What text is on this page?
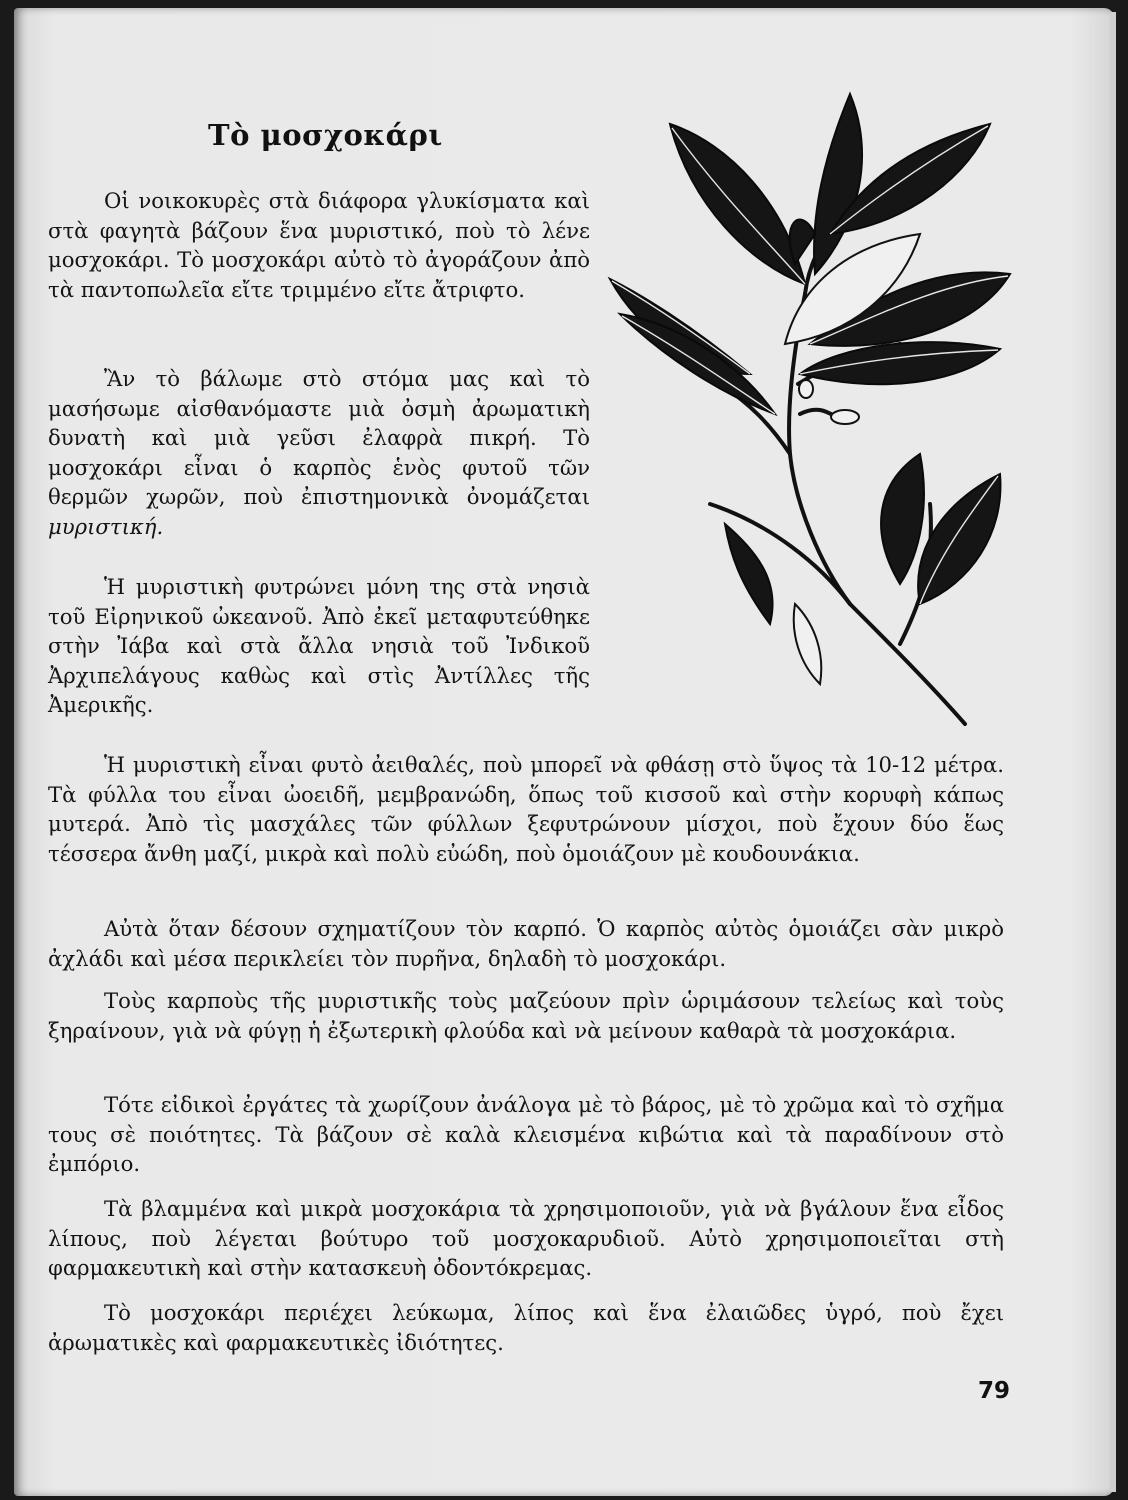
Τὸ μοσχοκάρι

Οἱ νοικοκυρὲς στὰ διάφορα γλυκίσματα καὶ στὰ φαγητὰ βάζουν ἕνα μυριστικό, ποὺ τὸ λένε μοσχοκάρι. Τὸ μοσχοκάρι αὐτὸ τὸ ἀγοράζουν ἀπὸ τὰ παντοπωλεῖα εἴτε τριμμένο εἴτε ἄτριφτο.

Ἂν τὸ βάλωμε στὸ στόμα μας καὶ τὸ μασήσωμε αἰσθανόμαστε μιὰ ὀσμὴ ἀρωματικὴ δυνατὴ καὶ μιὰ γεῦσι ἐλαφρὰ πικρή. Τὸ μοσχοκάρι εἶναι ὁ καρπὸς ἑνὸς φυτοῦ τῶν θερμῶν χωρῶν, ποὺ ἐπιστημονικὰ ὀνομάζεται μυριστική.

Ἡ μυριστικὴ φυτρώνει μόνη της στὰ νησιὰ τοῦ Εἰρηνικοῦ ὠκεανοῦ. Ἀπὸ ἐκεῖ μεταφυτεύθηκε στὴν Ἰάβα καὶ στὰ ἄλλα νησιὰ τοῦ Ἰνδικοῦ Ἀρχιπελάγους καθὼς καὶ στὶς Ἀντίλλες τῆς Ἀμερικῆς.

Ἡ μυριστικὴ εἶναι φυτὸ ἀειθαλές, ποὺ μπορεῖ νὰ φθάσῃ στὸ ὕψος τὰ 10-12 μέτρα. Τὰ φύλλα του εἶναι ὠοειδῆ, μεμβρανώδη, ὅπως τοῦ κισσοῦ καὶ στὴν κορυφὴ κάπως μυτερά. Ἀπὸ τὶς μασχάλες τῶν φύλλων ξεφυτρώνουν μίσχοι, ποὺ ἔχουν δύο ἕως τέσσερα ἄνθη μαζί, μικρὰ καὶ πολὺ εὐώδη, ποὺ ὁμοιάζουν μὲ κουδουνάκια.

Αὐτὰ ὅταν δέσουν σχηματίζουν τὸν καρπό. Ὁ καρπὸς αὐτὸς ὁμοιάζει σὰν μικρὸ ἀχλάδι καὶ μέσα περικλείει τὸν πυρῆνα, δηλαδὴ τὸ μοσχοκάρι.

Τοὺς καρποὺς τῆς μυριστικῆς τοὺς μαζεύουν πρὶν ὡριμάσουν τελείως καὶ τοὺς ξηραίνουν, γιὰ νὰ φύγῃ ἡ ἐξωτερικὴ φλούδα καὶ νὰ μείνουν καθαρὰ τὰ μοσχοκάρια.

Τότε εἰδικοὶ ἐργάτες τὰ χωρίζουν ἀνάλογα μὲ τὸ βάρος, μὲ τὸ χρῶμα καὶ τὸ σχῆμα τους σὲ ποιότητες. Τὰ βάζουν σὲ καλὰ κλεισμένα κιβώτια καὶ τὰ παραδίνουν στὸ ἐμπόριο.

Τὰ βλαμμένα καὶ μικρὰ μοσχοκάρια τὰ χρησιμοποιοῦν, γιὰ νὰ βγάλουν ἕνα εἶδος λίπους, ποὺ λέγεται βούτυρο τοῦ μοσχοκαρυδιοῦ. Αὐτὸ χρησιμοποιεῖται στὴ φαρμακευτικὴ καὶ στὴν κατασκευὴ ὀδοντόκρεμας.

Τὸ μοσχοκάρι περιέχει λεύκωμα, λίπος καὶ ἕνα ἐλαιῶδες ὑγρό, ποὺ ἔχει ἀρωματικὲς καὶ φαρμακευτικὲς ἰδιότητες.

79
